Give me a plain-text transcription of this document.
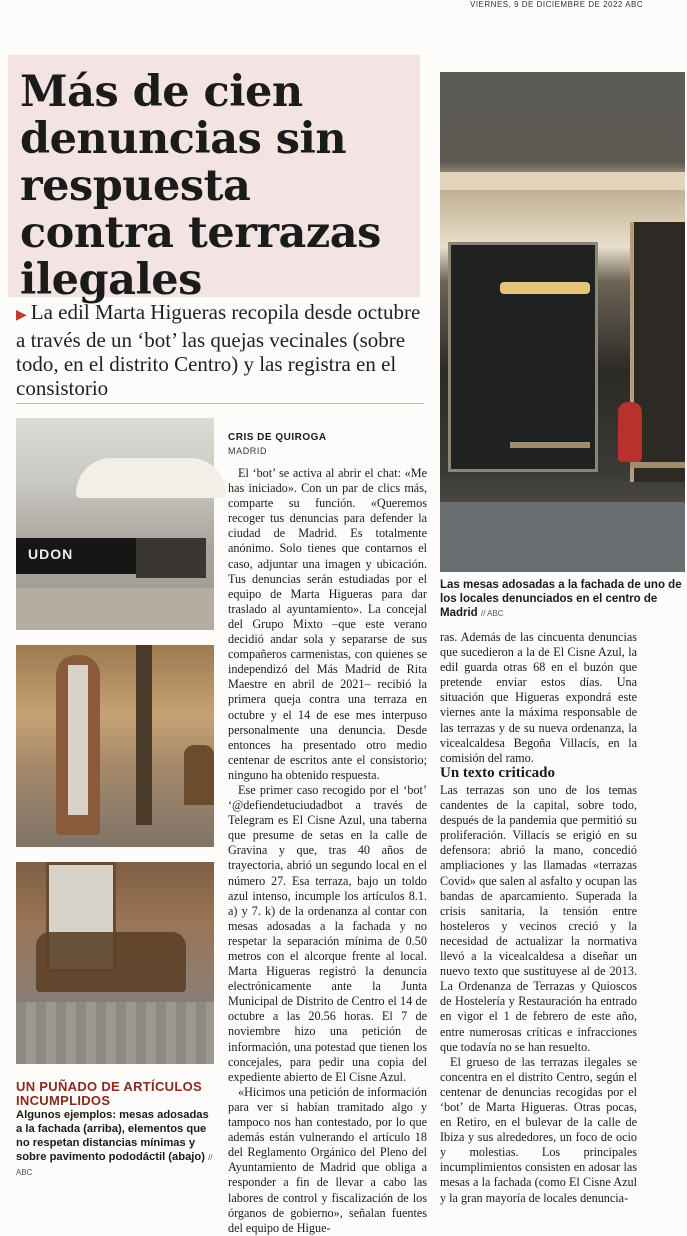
VIERNES, 9 DE DICIEMBRE DE 2022 ABC
Más de cien denuncias sin respuesta contra terrazas ilegales
▶ La edil Marta Higueras recopila desde octubre a través de un ‘bot’ las quejas vecinales (sobre todo, en el distrito Centro) y las registra en el consistorio
Las mesas adosadas a la fachada de uno de los locales denunciados en el centro de Madrid // ABC
UDON
UN PUÑADO DE ARTÍCULOS INCUMPLIDOS
Algunos ejemplos: mesas adosadas a la fachada (arriba), elementos que no respetan distancias mínimas y sobre pavimento pododáctil (abajo) // ABC
CRIS DE QUIROGA
MADRID

El ‘bot’ se activa al abrir el chat: «Me has iniciado». Con un par de clics más, comparte su función. «Queremos recoger tus denuncias para defender la ciudad de Madrid. Es totalmente anónimo. Solo tienes que contarnos el caso, adjuntar una imagen y ubicación. Tus denuncias serán estudiadas por el equipo de Marta Higueras para dar traslado al ayuntamiento». La concejal del Grupo Mixto –que este verano decidió andar sola y separarse de sus compañeros carmenistas, con quienes se independizó del Más Madrid de Rita Maestre en abril de 2021– recibió la primera queja contra una terraza en octubre y el 14 de ese mes interpuso personalmente una denuncia. Desde entonces ha presentado otro medio centenar de escritos ante el consistorio; ninguno ha obtenido respuesta.

Ese primer caso recogido por el ‘bot’ ‘@defiendetuciudadbot a través de Telegram es El Cisne Azul, una taberna que presume de setas en la calle de Gravina y que, tras 40 años de trayectoria, abrió un segundo local en el número 27. Esa terraza, bajo un toldo azul intenso, incumple los artículos 8.1. a) y 7. k) de la ordenanza al contar con mesas adosadas a la fachada y no respetar la separación mínima de 0.50 metros con el alcorque frente al local. Marta Higueras registró la denuncia electrónicamente ante la Junta Municipal de Distrito de Centro el 14 de octubre a las 20.56 horas. El 7 de noviembre hizo una petición de información, una potestad que tienen los concejales, para pedir una copia del expediente abierto de El Cisne Azul.

«Hicimos una petición de información para ver si habían tramitado algo y tampoco nos han contestado, por lo que además están vulnerando el artículo 18 del Reglamento Orgánico del Pleno del Ayuntamiento de Madrid que obliga a responder a fin de llevar a cabo las labores de control y fiscalización de los órganos de gobierno», señalan fuentes del equipo de Higue-

ras. Además de las cincuenta denuncias que sucedieron a la de El Cisne Azul, la edil guarda otras 68 en el buzón que pretende enviar estos días. Una situación que Higueras expondrá este viernes ante la máxima responsable de las terrazas y de su nueva ordenanza, la vicealcaldesa Begoña Villacís, en la comisión del ramo.

Un texto criticado

Las terrazas son uno de los temas candentes de la capital, sobre todo, después de la pandemia que permitió su proliferación. Villacís se erigió en su defensora: abrió la mano, concedió ampliaciones y las llamadas «terrazas Covid» que salen al asfalto y ocupan las bandas de aparcamiento. Superada la crisis sanitaria, la tensión entre hosteleros y vecinos creció y la necesidad de actualizar la normativa llevó a la vicealcaldesa a diseñar un nuevo texto que sustituyese al de 2013. La Ordenanza de Terrazas y Quioscos de Hostelería y Restauración ha entrado en vigor el 1 de febrero de este año, entre numerosas críticas e infracciones que todavía no se han resuelto.

El grueso de las terrazas ilegales se concentra en el distrito Centro, según el centenar de denuncias recogidas por el ‘bot’ de Marta Higueras. Otras pocas, en Retiro, en el bulevar de la calle de Ibiza y sus alrededores, un foco de ocio y molestias. Los principales incumplimientos consisten en adosar las mesas a la fachada (como El Cisne Azul y la gran mayoría de locales denuncia-
